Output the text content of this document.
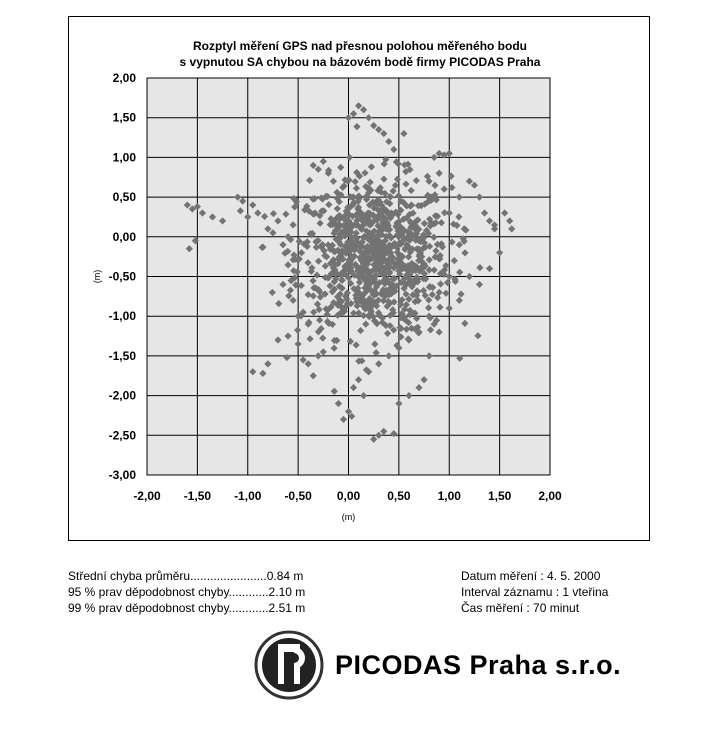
Rozptyl měření GPS nad přesnou polohou měřeného bodu
s vypnutou SA chybou na bázovém bodě firmy PICODAS Praha
-2,00 -1,50 -1,00 -0,50 0,00 0,50 1,00 1,50 2,00
2,00
1,50
1,00
0,50
0,00
-0,50
-1,00
-1,50
-2,00
-2,50
-3,00
(m)
(m)
Střední chyba průměru.......................0.84 m
95 % prav děpodobnost chyby............2.10 m
99 % prav děpodobnost chyby............2.51 m
Datum měření : 4. 5. 2000
Interval záznamu : 1 vteřina
Čas měření : 70 minut
PICODAS Praha s.r.o.
